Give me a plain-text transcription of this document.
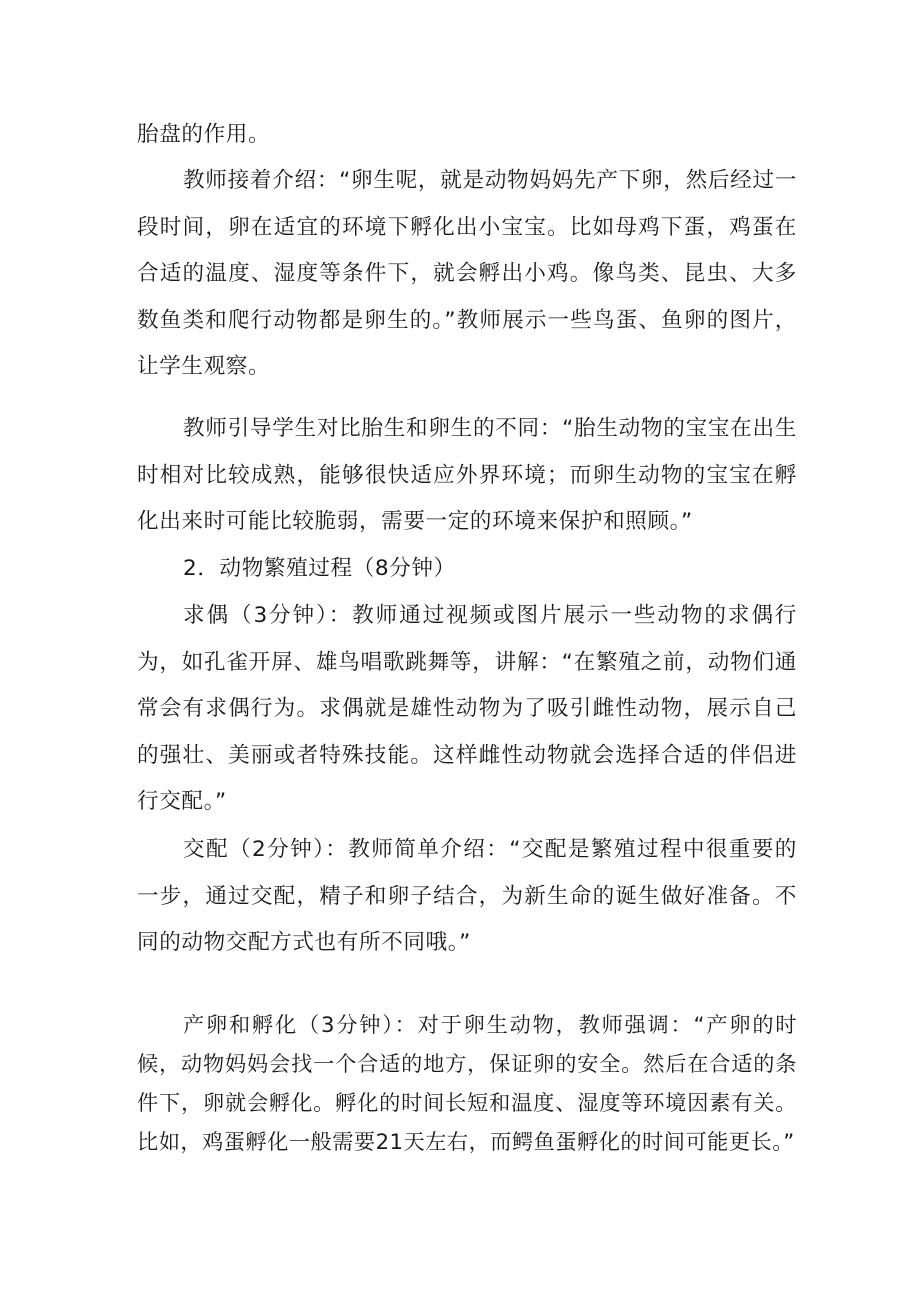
胎盘的作用。

教师接着介绍：“卵生呢，就是动物妈妈先产下卵，然后经过一段时间，卵在适宜的环境下孵化出小宝宝。比如母鸡下蛋，鸡蛋在合适的温度、湿度等条件下，就会孵出小鸡。像鸟类、昆虫、大多数鱼类和爬行动物都是卵生的。”教师展示一些鸟蛋、鱼卵的图片，让学生观察。

教师引导学生对比胎生和卵生的不同：“胎生动物的宝宝在出生时相对比较成熟，能够很快适应外界环境；而卵生动物的宝宝在孵化出来时可能比较脆弱，需要一定的环境来保护和照顾。”

2．动物繁殖过程（8分钟）

求偶（3分钟）：教师通过视频或图片展示一些动物的求偶行为，如孔雀开屏、雄鸟唱歌跳舞等，讲解：“在繁殖之前，动物们通常会有求偶行为。求偶就是雄性动物为了吸引雌性动物，展示自己的强壮、美丽或者特殊技能。这样雌性动物就会选择合适的伴侣进行交配。”

交配（2分钟）：教师简单介绍：“交配是繁殖过程中很重要的一步，通过交配，精子和卵子结合，为新生命的诞生做好准备。不同的动物交配方式也有所不同哦。”

产卵和孵化（3分钟）：对于卵生动物，教师强调：“产卵的时候，动物妈妈会找一个合适的地方，保证卵的安全。然后在合适的条件下，卵就会孵化。孵化的时间长短和温度、湿度等环境因素有关。比如，鸡蛋孵化一般需要21天左右，而鳄鱼蛋孵化的时间可能更长。”
